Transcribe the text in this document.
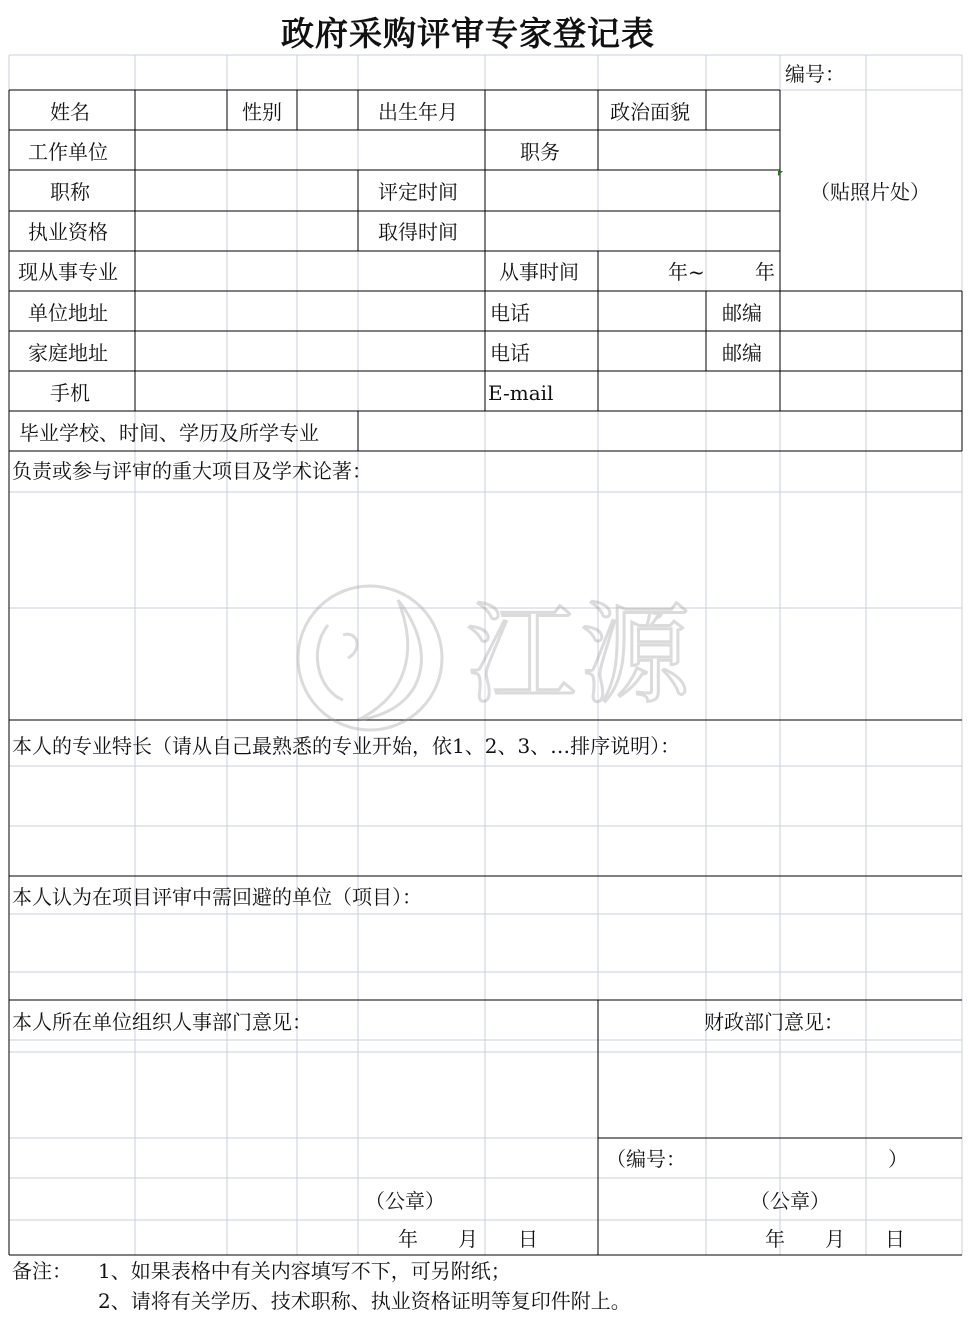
江源
政府采购评审专家登记表
编号：
姓名	性别	出生年月	政治面貌
工作单位	职务
职称	评定时间	（贴照片处）
执业资格	取得时间
现从事专业	从事时间	年~	年
单位地址	电话	邮编
家庭地址	电话	邮编
手机	E-mail
毕业学校、时间、学历及所学专业
负责或参与评审的重大项目及学术论著：
本人的专业特长（请从自己最熟悉的专业开始，依1、2、3、…排序说明）：
本人认为在项目评审中需回避的单位（项目）：
本人所在单位组织人事部门意见：	财政部门意见：
（编号：	）
（公章）	（公章）
年　　月　　日	年　　月　　日
备注： 1、如果表格中有关内容填写不下，可另附纸；
2、请将有关学历、技术职称、执业资格证明等复印件附上。
